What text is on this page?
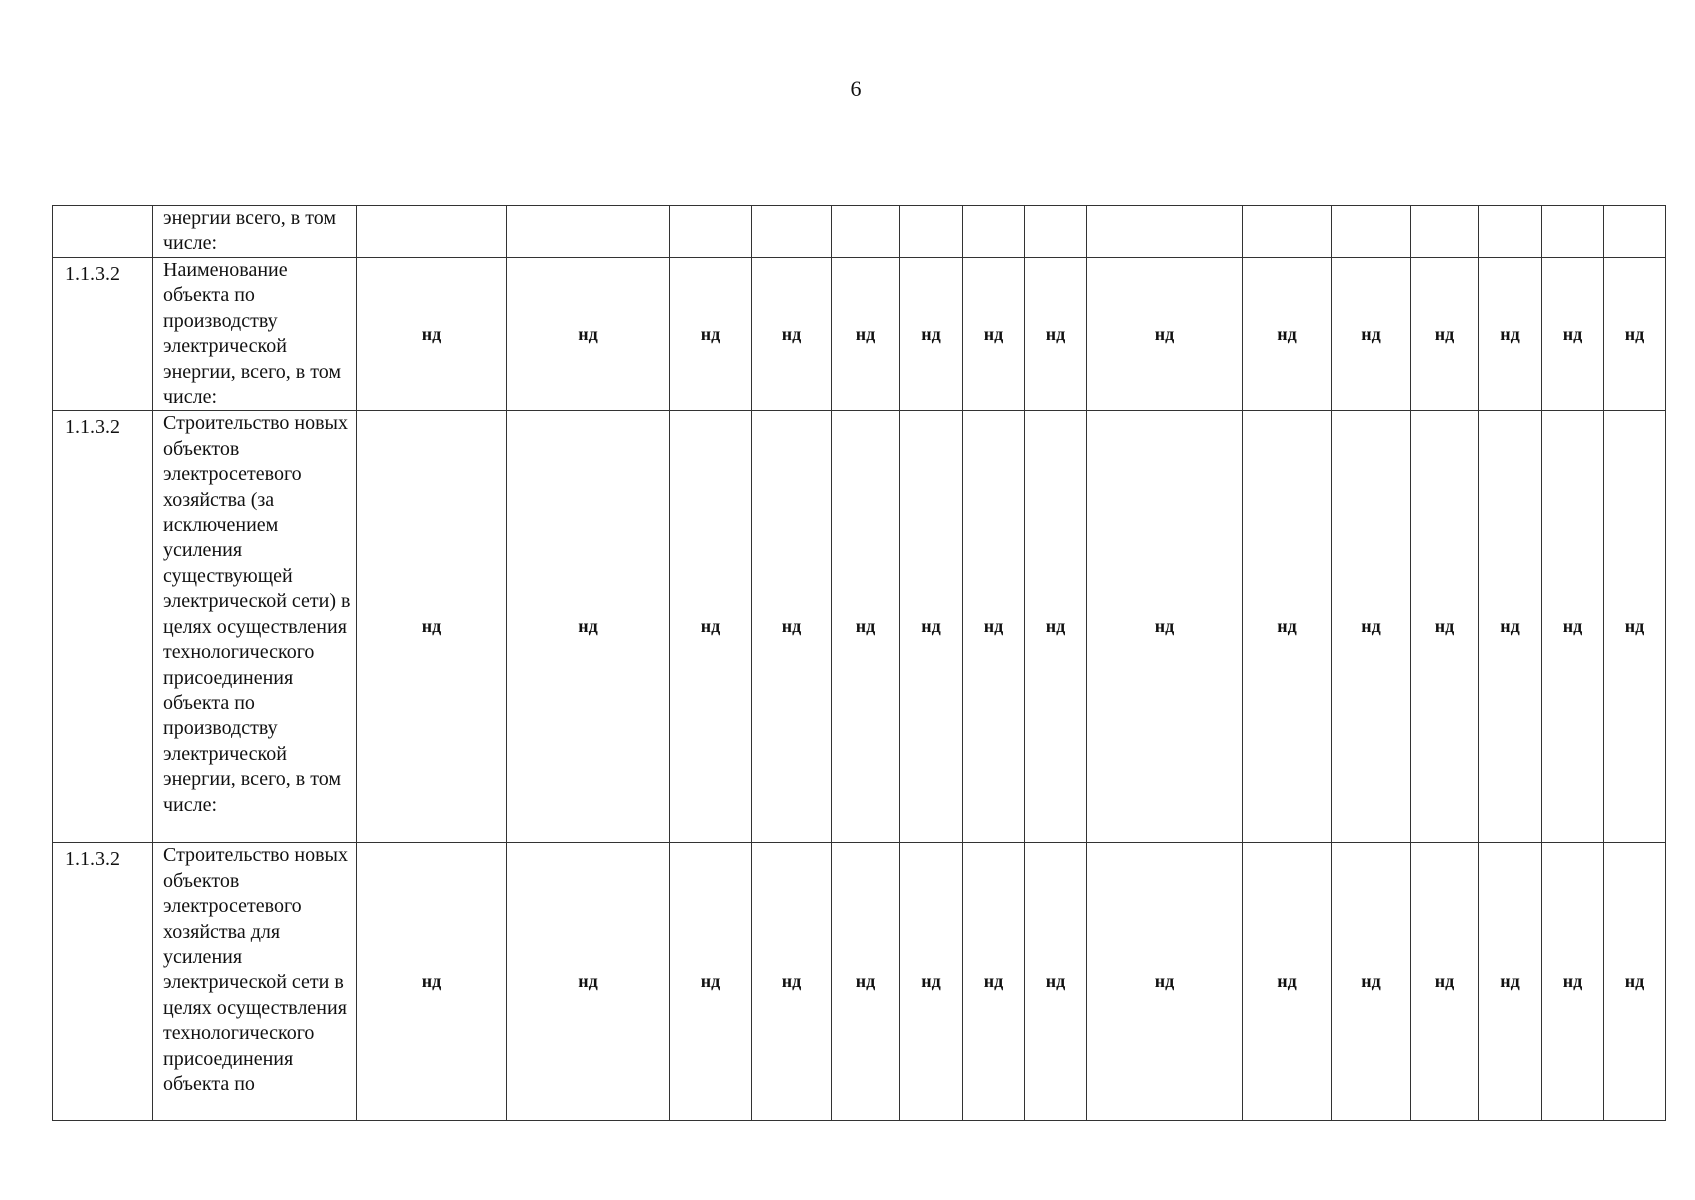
6
	энергии всего, в том числе:															
1.1.3.2	Наименование объекта по производству электрической энергии, всего, в том числе:	нд	нд	нд	нд	нд	нд	нд	нд	нд	нд	нд	нд	нд	нд	нд
1.1.3.2	Строительство новых объектов электросетевого хозяйства (за исключением усиления существующей электрической сети) в целях осуществления технологического присоединения объекта по производству электрической энергии, всего, в том числе:	нд	нд	нд	нд	нд	нд	нд	нд	нд	нд	нд	нд	нд	нд	нд
1.1.3.2	Строительство новых объектов электросетевого хозяйства для усиления электрической сети в целях осуществления технологического присоединения объекта по	нд	нд	нд	нд	нд	нд	нд	нд	нд	нд	нд	нд	нд	нд	нд
